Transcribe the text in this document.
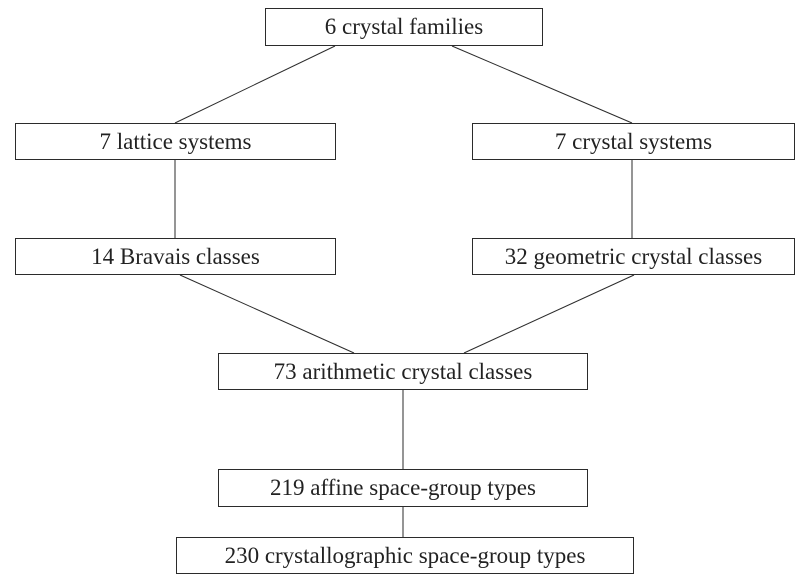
6 crystal families
7 lattice systems	7 crystal systems
14 Bravais classes	32 geometric crystal classes
73 arithmetic crystal classes
219 affine space-group types
230 crystallographic space-group types
